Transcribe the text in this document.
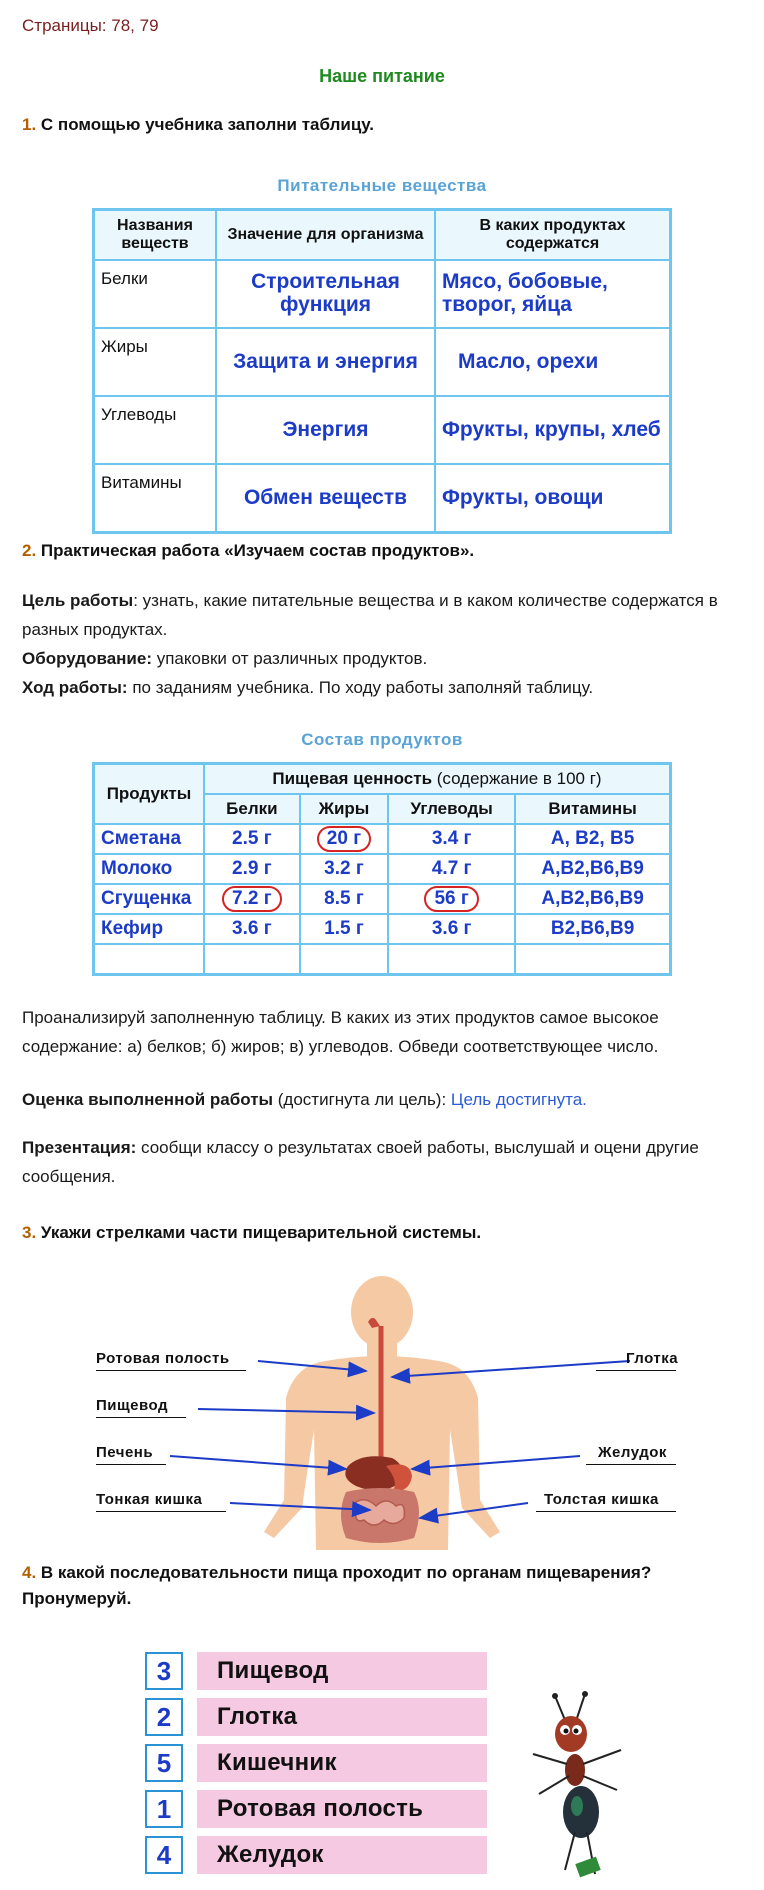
Страницы: 78, 79
Наше питание
1. С помощью учебника заполни таблицу.
Питательные вещества
Названия веществ	Значение для организма	В каких продуктах содержатся
Белки	Строительная функция	Мясо, бобовые, творог, яйца
Жиры	Защита и энергия	Масло, орехи
Углеводы	Энергия	Фрукты, крупы, хлеб
Витамины	Обмен веществ	Фрукты, овощи
2. Практическая работа «Изучаем состав продуктов».
Цель работы: узнать, какие питательные вещества и в каком количестве содержатся в разных продуктах.
Оборудование: упаковки от различных продуктов.
Ход работы: по заданиям учебника. По ходу работы заполняй таблицу.
Состав продуктов
Продукты	Пищевая ценность (содержание в 100 г)			
	Белки	Жиры	Углеводы	Витамины
Сметана	2.5 г	20 г	3.4 г	А, В2, В5
Молоко	2.9 г	3.2 г	4.7 г	А,В2,В6,В9
Сгущенка	7.2 г	8.5 г	56 г	А,В2,В6,В9
Кефир	3.6 г	1.5 г	3.6 г	В2,В6,В9

Проанализируй заполненную таблицу. В каких из этих продуктов самое высокое содержание: а) белков; б) жиров; в) углеводов. Обведи соответствующее число.
Оценка выполненной работы (достигнута ли цель): Цель достигнута.
Презентация: сообщи классу о результатах своей работы, выслушай и оцени другие сообщения.
3. Укажи стрелками части пищеварительной системы.
Ротовая полость	Глотка
Пищевод
Печень	Желудок
Тонкая кишка	Толстая кишка
4. В какой последовательности пища проходит по органам пищеварения? Пронумеруй.
3	Пищевод
2	Глотка
5	Кишечник
1	Ротовая полость
4	Желудок
